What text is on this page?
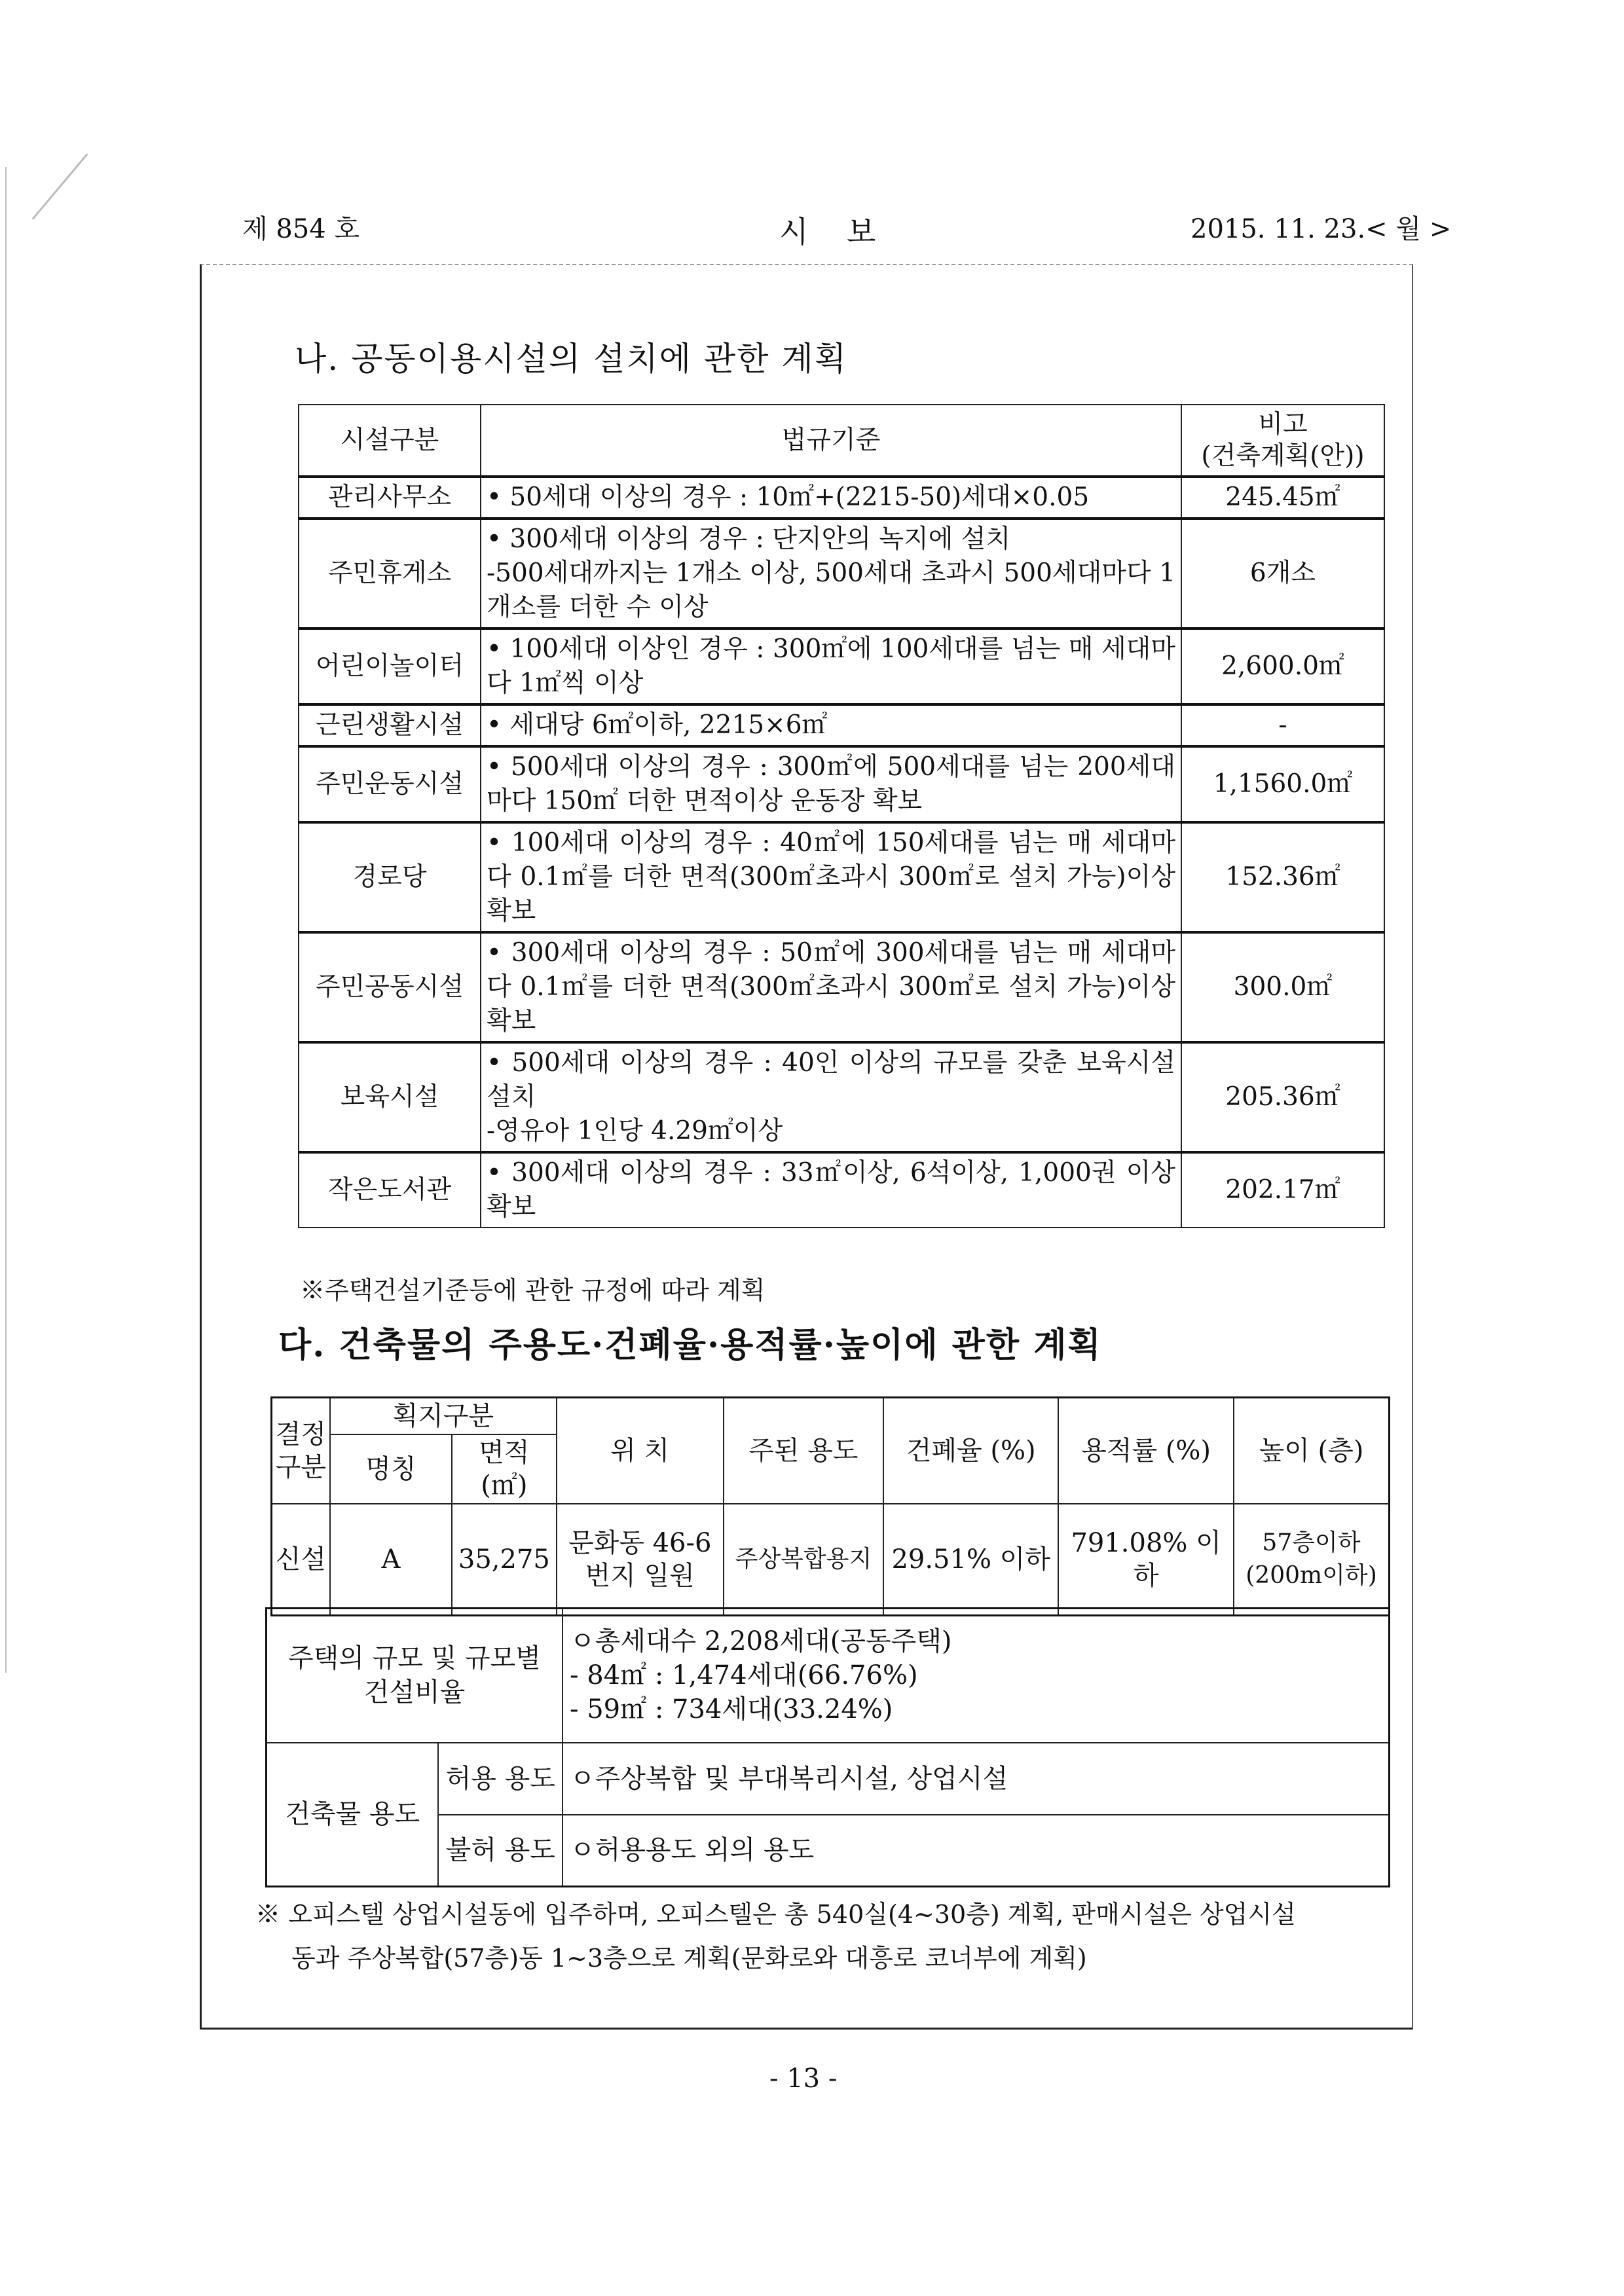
제 854 호	시    보	2015. 11. 23.< 월 >
나. 공동이용시설의 설치에 관한 계획
시설구분	법규기준	비고
(건축계획(안))

관리사무소	• 50세대 이상의 경우 : 10㎡+(2215-50)세대×0.05	245.45㎡
주민휴게소	• 300세대 이상의 경우 : 단지안의 녹지에 설치
-500세대까지는 1개소 이상, 500세대 초과시 500세대마다 1개소를 더한 수 이상	6개소
어린이놀이터	• 100세대 이상인 경우 : 300㎡에 100세대를 넘는 매 세대마다 1㎡씩 이상	2,600.0㎡
근린생활시설	• 세대당 6㎡이하, 2215×6㎡	-
주민운동시설	• 500세대 이상의 경우 : 300㎡에 500세대를 넘는 200세대마다 150㎡ 더한 면적이상 운동장 확보	1,1560.0㎡
경로당	• 100세대 이상의 경우 : 40㎡에 150세대를 넘는 매 세대마다 0.1㎡를 더한 면적(300㎡초과시 300㎡로 설치 가능)이상 확보	152.36㎡
주민공동시설	• 300세대 이상의 경우 : 50㎡에 300세대를 넘는 매 세대마다 0.1㎡를 더한 면적(300㎡초과시 300㎡로 설치 가능)이상 확보	300.0㎡
보육시설	• 500세대 이상의 경우 : 40인 이상의 규모를 갖춘 보육시설 설치
-영유아 1인당 4.29㎡이상	205.36㎡
작은도서관	• 300세대 이상의 경우 : 33㎡이상, 6석이상, 1,000권 이상 확보	202.17㎡
※주택건설기준등에 관한 규정에 따라 계획
다. 건축물의 주용도·건폐율·용적률·높이에 관한 계획
결정 구분	획지구분		위 치	주된 용도	건폐율 (%)	용적률 (%)	높이 (층)
	명칭	면적 (㎡)					
신설	A	35,275	문화동 46-6번지 일원	주상복합용지	29.51% 이하	791.08% 이하	57층이하 (200m이하)
주택의 규모 및 규모별 건설비율		ㅇ총세대수 2,208세대(공동주택)
- 84㎡ : 1,474세대(66.76%)
- 59㎡ : 734세대(33.24%)

건축물 용도	허용 용도	ㅇ주상복합 및 부대복리시설, 상업시설
	불허 용도	ㅇ허용용도 외의 용도
※ 오피스텔 상업시설동에 입주하며, 오피스텔은 총 540실(4~30층) 계획, 판매시설은 상업시설
동과 주상복합(57층)동 1~3층으로 계획(문화로와 대흥로 코너부에 계획)
- 13 -
